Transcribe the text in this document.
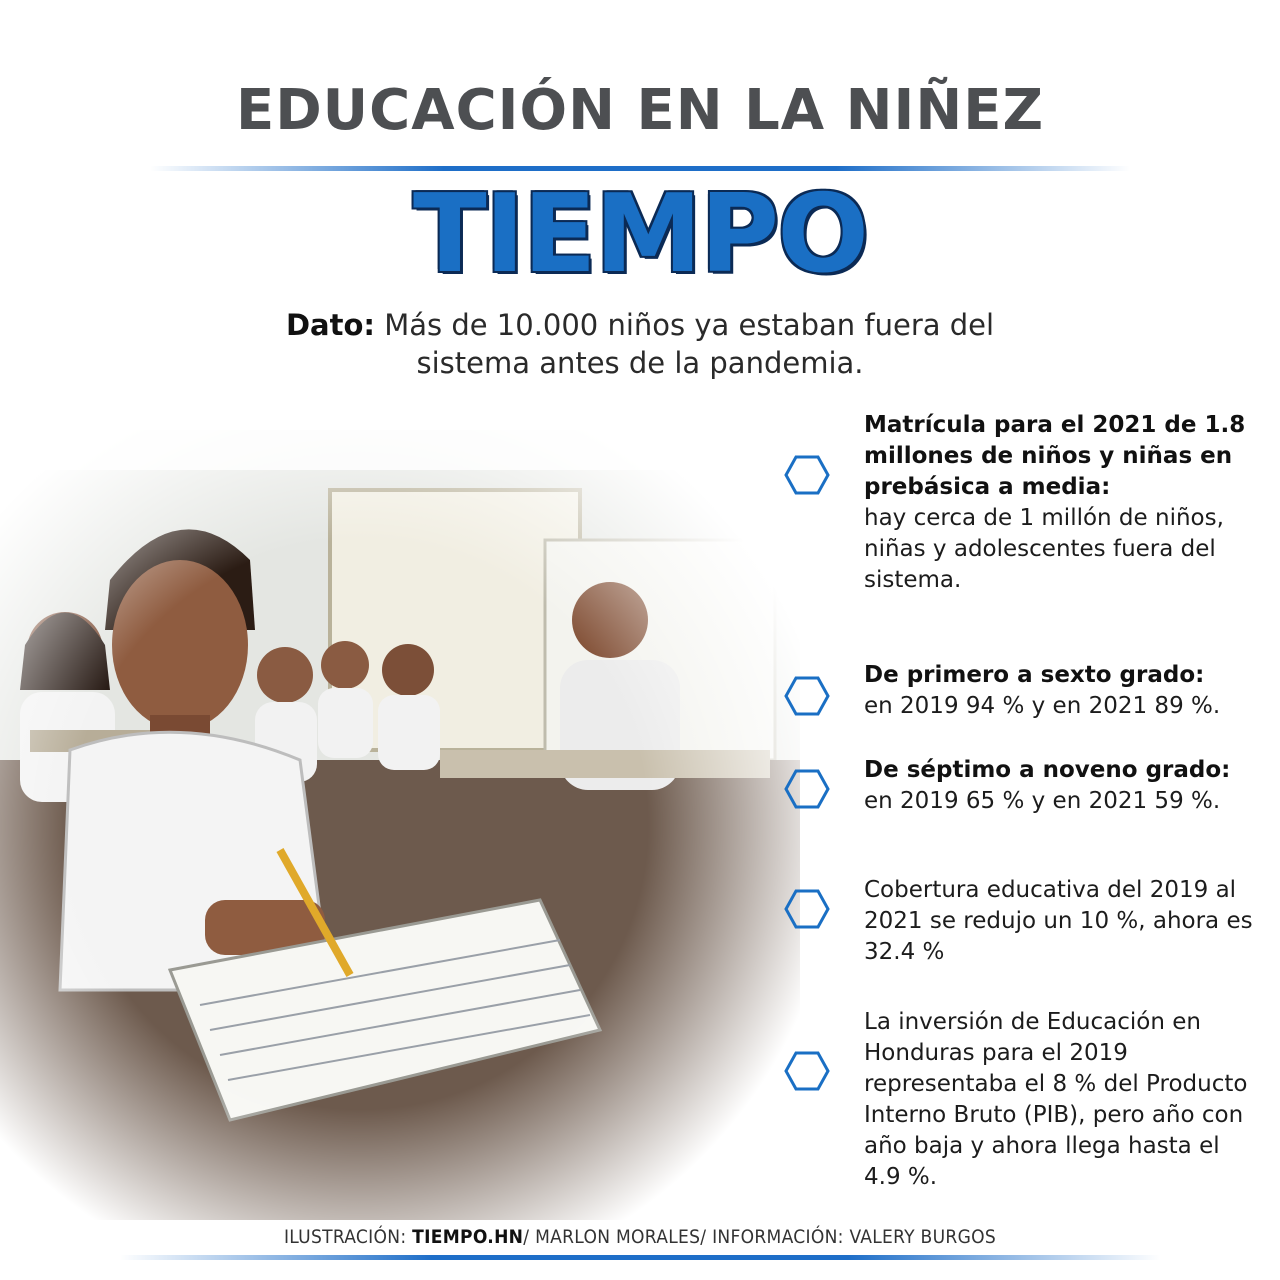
EDUCACIÓN EN LA NIÑEZ
TIEMPO
Dato: Más de 10.000 niños ya estaban fuera del sistema antes de la pandemia.
Matrícula para el 2021 de 1.8 millones de niños y niñas en prebásica a media:
hay cerca de 1 millón de niños, niñas y adolescentes fuera del sistema.
De primero a sexto grado:
en 2019 94 % y en 2021 89 %.
De séptimo a noveno grado: en 2019 65 % y en 2021 59 %.
Cobertura educativa del 2019 al 2021 se redujo un 10 %, ahora es 32.4 %
La inversión de Educación en Honduras para el 2019 representaba el 8 % del Producto Interno Bruto (PIB), pero año con año baja y ahora llega hasta el 4.9 %.
ILUSTRACIÓN: TIEMPO.HN/ MARLON MORALES/ INFORMACIÓN: VALERY BURGOS
